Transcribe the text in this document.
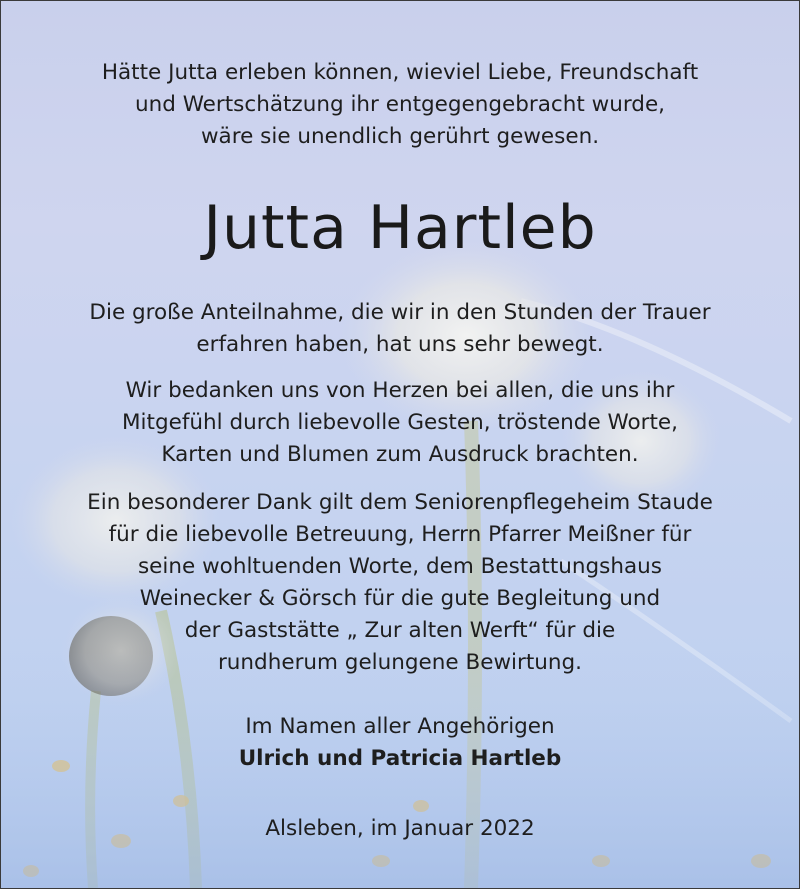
Hätte Jutta erleben können, wieviel Liebe, Freundschaft
und Wertschätzung ihr entgegengebracht wurde,
wäre sie unendlich gerührt gewesen.
Jutta Hartleb
Die große Anteilnahme, die wir in den Stunden der Trauer
erfahren haben, hat uns sehr bewegt.
Wir bedanken uns von Herzen bei allen, die uns ihr
Mitgefühl durch liebevolle Gesten, tröstende Worte,
Karten und Blumen zum Ausdruck brachten.
Ein besonderer Dank gilt dem Seniorenpflegeheim Staude
für die liebevolle Betreuung, Herrn Pfarrer Meißner für
seine wohltuenden Worte, dem Bestattungshaus
Weinecker & Görsch für die gute Begleitung und
der Gaststätte „ Zur alten Werft“ für die
rundherum gelungene Bewirtung.
Im Namen aller Angehörigen
Ulrich und Patricia Hartleb
Alsleben, im Januar 2022
